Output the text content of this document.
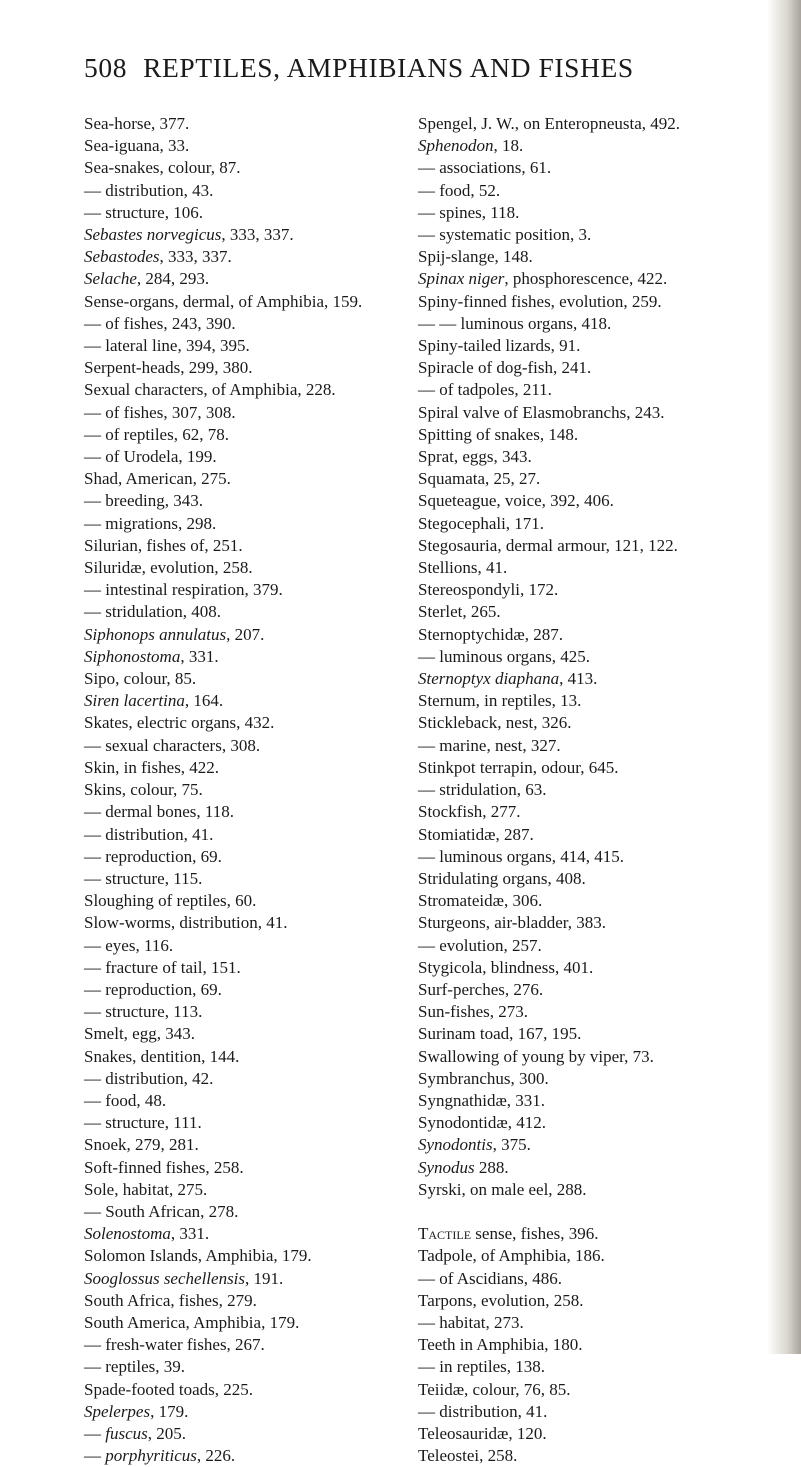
508 REPTILES, AMPHIBIANS AND FISHES
Sea-horse, 377.
Sea-iguana, 33.
Sea-snakes, colour, 87.
— distribution, 43.
— structure, 106.
Sebastes norvegicus, 333, 337.
Sebastodes, 333, 337.
Selache, 284, 293.
Sense-organs, dermal, of Amphibia, 159.
— of fishes, 243, 390.
— lateral line, 394, 395.
Serpent-heads, 299, 380.
Sexual characters, of Amphibia, 228.
— of fishes, 307, 308.
— of reptiles, 62, 78.
— of Urodela, 199.
Shad, American, 275.
— breeding, 343.
— migrations, 298.
Silurian, fishes of, 251.
Siluridæ, evolution, 258.
— intestinal respiration, 379.
— stridulation, 408.
Siphonops annulatus, 207.
Siphonostoma, 331.
Sipo, colour, 85.
Siren lacertina, 164.
Skates, electric organs, 432.
— sexual characters, 308.
Skin, in fishes, 422.
Skins, colour, 75.
— dermal bones, 118.
— distribution, 41.
— reproduction, 69.
— structure, 115.
Sloughing of reptiles, 60.
Slow-worms, distribution, 41.
— eyes, 116.
— fracture of tail, 151.
— reproduction, 69.
— structure, 113.
Smelt, egg, 343.
Snakes, dentition, 144.
— distribution, 42.
— food, 48.
— structure, 111.
Snoek, 279, 281.
Soft-finned fishes, 258.
Sole, habitat, 275.
— South African, 278.
Solenostoma, 331.
Solomon Islands, Amphibia, 179.
Sooglossus sechellensis, 191.
South Africa, fishes, 279.
South America, Amphibia, 179.
— fresh-water fishes, 267.
— reptiles, 39.
Spade-footed toads, 225.
Spelerpes, 179.
— fuscus, 205.
— porphyriticus, 226.
Spengel, J. W., on Enteropneusta, 492.
Sphenodon, 18.
— associations, 61.
— food, 52.
— spines, 118.
— systematic position, 3.
Spij-slange, 148.
Spinax niger, phosphorescence, 422.
Spiny-finned fishes, evolution, 259.
— — luminous organs, 418.
Spiny-tailed lizards, 91.
Spiracle of dog-fish, 241.
— of tadpoles, 211.
Spiral valve of Elasmobranchs, 243.
Spitting of snakes, 148.
Sprat, eggs, 343.
Squamata, 25, 27.
Squeteague, voice, 392, 406.
Stegocephali, 171.
Stegosauria, dermal armour, 121, 122.
Stellions, 41.
Stereospondyli, 172.
Sterlet, 265.
Sternoptychidæ, 287.
— luminous organs, 425.
Sternoptyx diaphana, 413.
Sternum, in reptiles, 13.
Stickleback, nest, 326.
— marine, nest, 327.
Stinkpot terrapin, odour, 645.
— stridulation, 63.
Stockfish, 277.
Stomiatidæ, 287.
— luminous organs, 414, 415.
Stridulating organs, 408.
Stromateidæ, 306.
Sturgeons, air-bladder, 383.
— evolution, 257.
Stygicola, blindness, 401.
Surf-perches, 276.
Sun-fishes, 273.
Surinam toad, 167, 195.
Swallowing of young by viper, 73.
Symbranchus, 300.
Syngnathidæ, 331.
Synodontidæ, 412.
Synodontis, 375.
Synodus 288.
Syrski, on male eel, 288.
Tactile sense, fishes, 396.
Tadpole, of Amphibia, 186.
— of Ascidians, 486.
Tarpons, evolution, 258.
— habitat, 273.
Teeth in Amphibia, 180.
— in reptiles, 138.
Teiidæ, colour, 76, 85.
— distribution, 41.
Teleosauridæ, 120.
Teleostei, 258.
